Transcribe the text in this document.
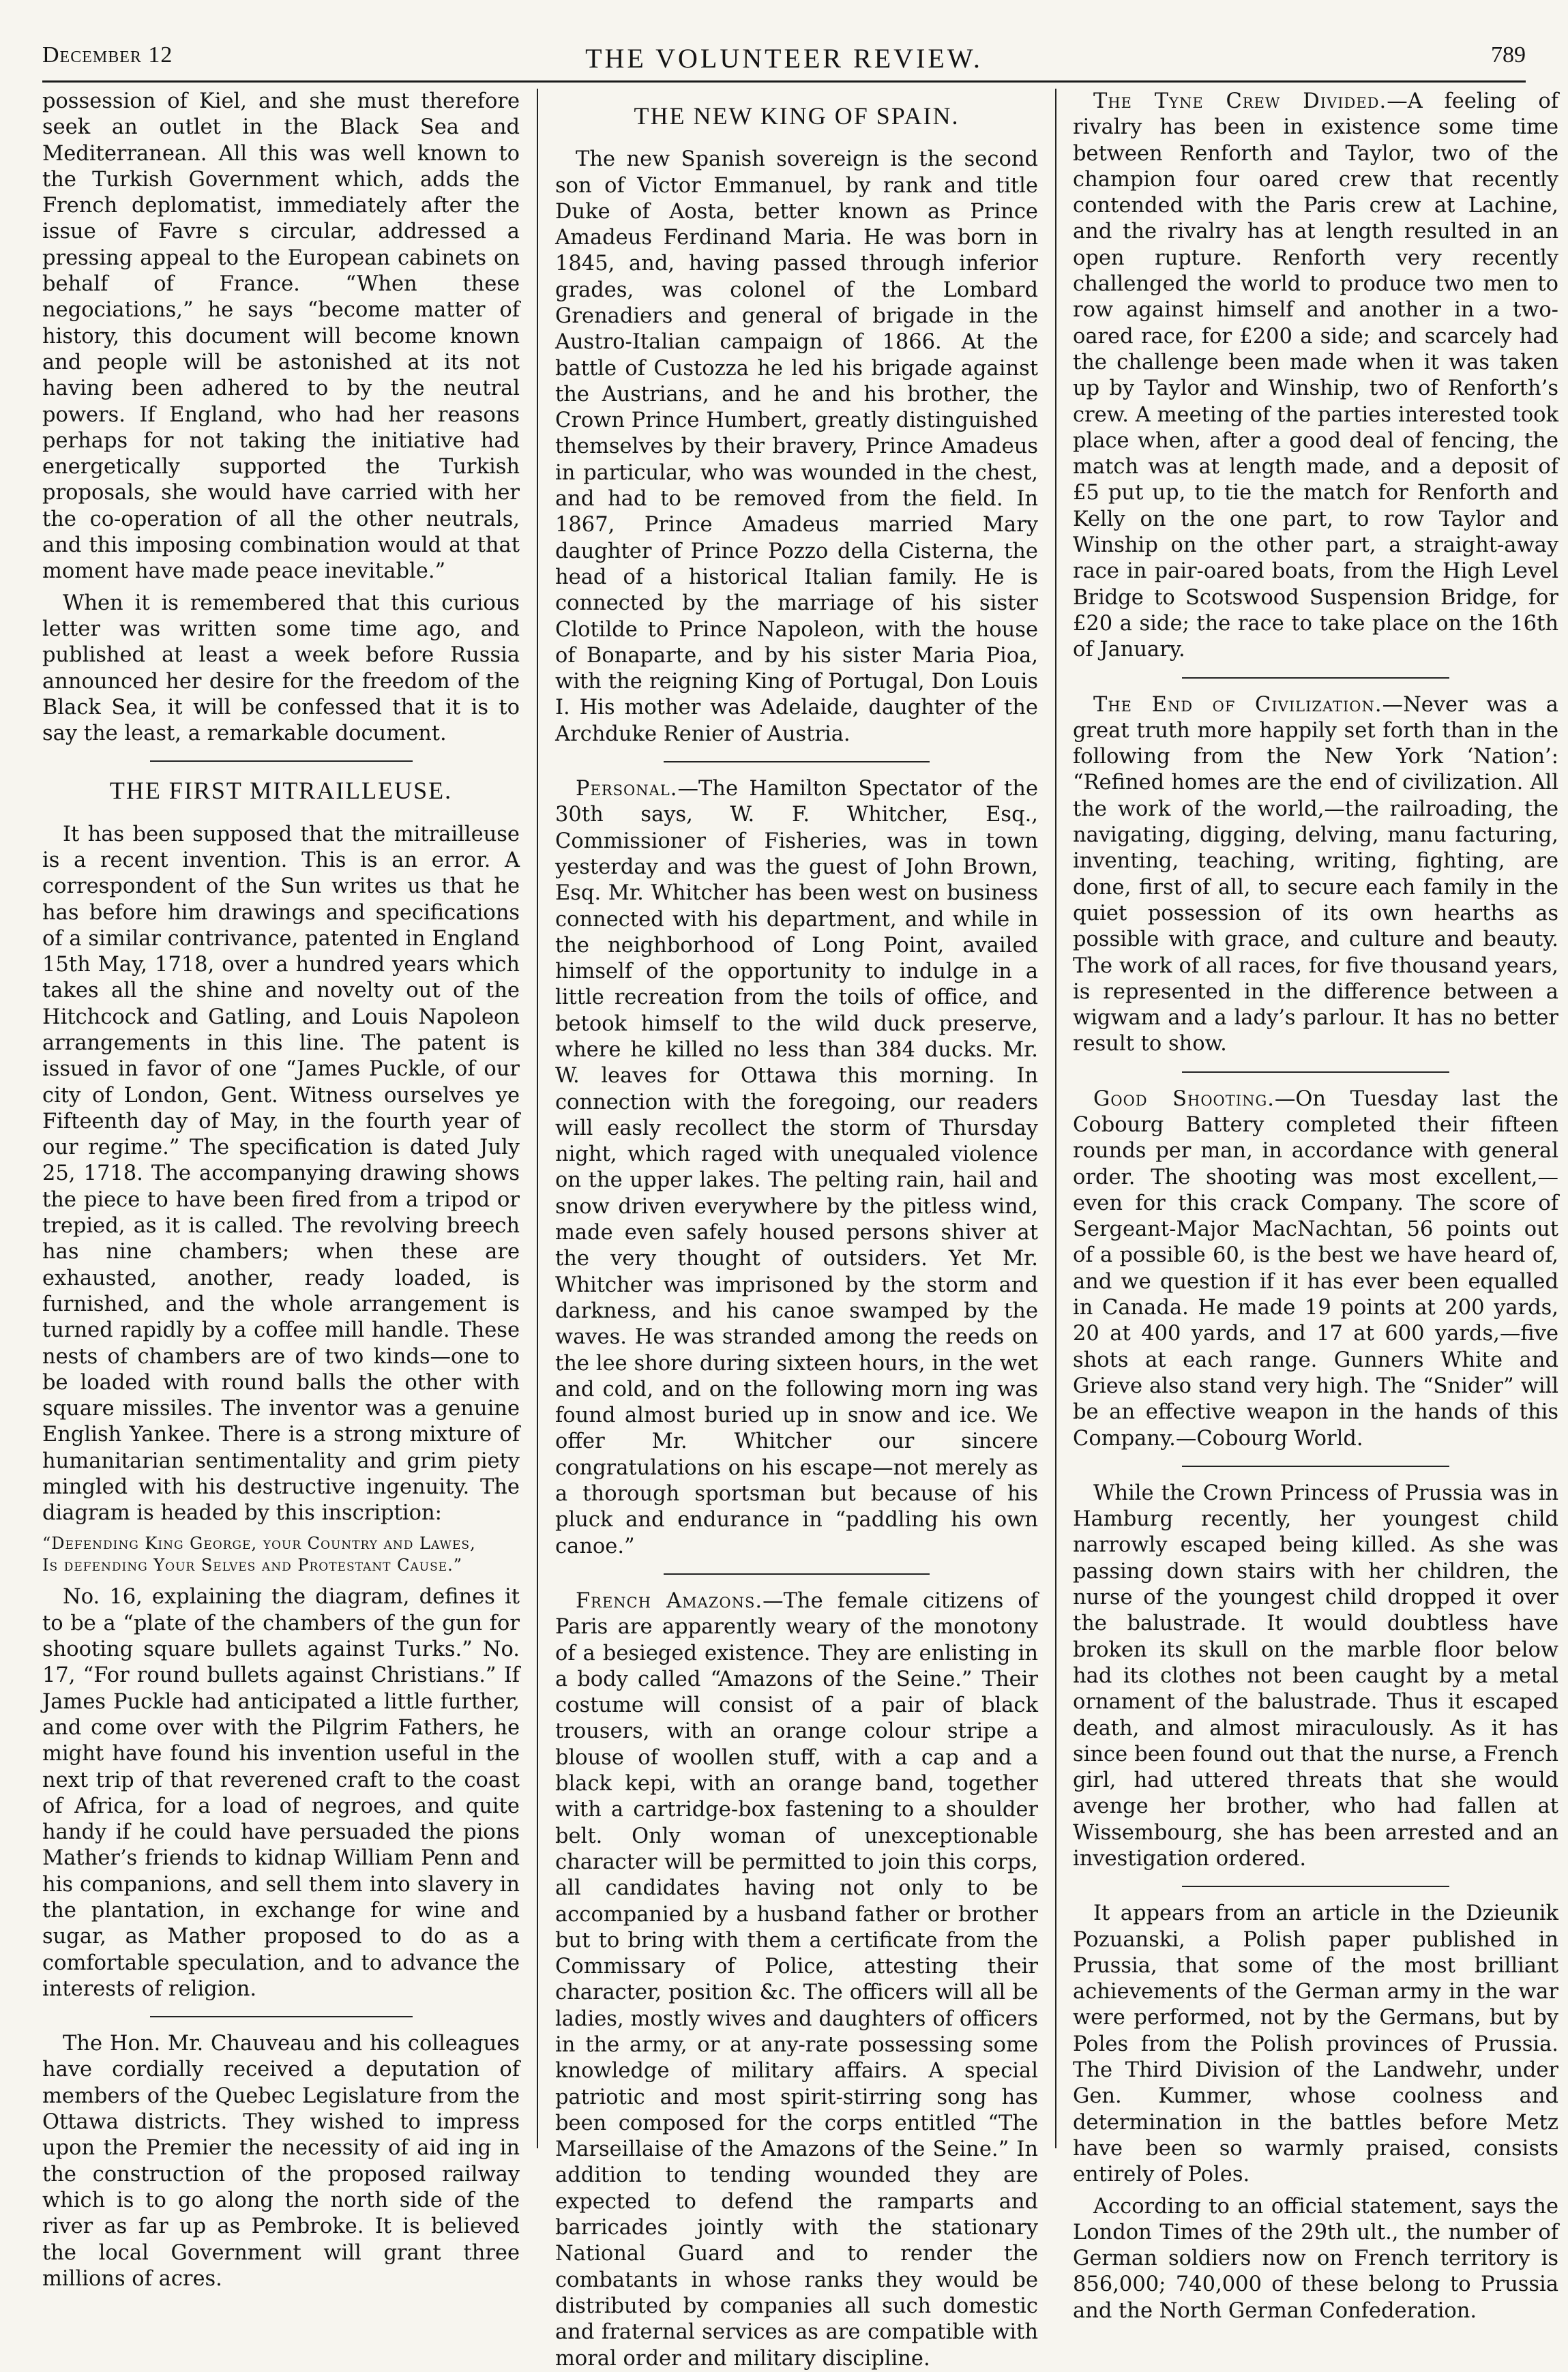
December 12	THE VOLUNTEER REVIEW.	789

possession of Kiel, and she must therefore seek an outlet in the Black Sea and Mediterranean. All this was well known to the Turkish Government which, adds the French deplomatist, immediately after the issue of Favre s circular, addressed a pressing appeal to the European cabinets on behalf of France. “When these negociations,” he says “become matter of history, this document will become known and people will be astonished at its not having been adhered to by the neutral powers. If England, who had her reasons perhaps for not taking the initiative had energetically supported the Turkish proposals, she would have carried with her the co-operation of all the other neutrals, and this imposing combination would at that moment have made peace inevitable.”

When it is remembered that this curious letter was written some time ago, and published at least a week before Russia announced her desire for the freedom of the Black Sea, it will be confessed that it is to say the least, a remarkable document.

THE FIRST MITRAILLEUSE.

It has been supposed that the mitrailleuse is a recent invention. This is an error. A correspondent of the Sun writes us that he has before him drawings and specifications of a similar contrivance, patented in England 15th May, 1718, over a hundred years which takes all the shine and novelty out of the Hitchcock and Gatling, and Louis Napoleon arrangements in this line. The patent is issued in favor of one “James Puckle, of our city of London, Gent. Witness ourselves ye Fifteenth day of May, in the fourth year of our regime.” The specification is dated July 25, 1718. The accompanying drawing shows the piece to have been fired from a tripod or trepied, as it is called. The revolving breech has nine chambers; when these are exhausted, another, ready loaded, is furnished, and the whole arrangement is turned rapidly by a coffee mill handle. These nests of chambers are of two kinds—one to be loaded with round balls the other with square missiles. The inventor was a genuine English Yankee. There is a strong mixture of humanitarian sentimentality and grim piety mingled with his destructive ingenuity. The diagram is headed by this inscription:

“Defending King George, your Country and Lawes,
Is defending Your Selves and Protestant Cause.”

No. 16, explaining the diagram, defines it to be a “plate of the chambers of the gun for shooting square bullets against Turks.” No. 17, “For round bullets against Christians.” If James Puckle had anticipated a little further, and come over with the Pilgrim Fathers, he might have found his invention useful in the next trip of that reverened craft to the coast of Africa, for a load of negroes, and quite handy if he could have persuaded the pions Mather’s friends to kidnap William Penn and his companions, and sell them into slavery in the plantation, in exchange for wine and sugar, as Mather proposed to do as a comfortable speculation, and to advance the interests of religion.

The Hon. Mr. Chauveau and his colleagues have cordially received a deputation of members of the Quebec Legislature from the Ottawa districts. They wished to impress upon the Premier the necessity of aid ing in the construction of the proposed railway which is to go along the north side of the river as far up as Pembroke. It is believed the local Government will grant three millions of acres.

THE NEW KING OF SPAIN.

The new Spanish sovereign is the second son of Victor Emmanuel, by rank and title Duke of Aosta, better known as Prince Amadeus Ferdinand Maria. He was born in 1845, and, having passed through inferior grades, was colonel of the Lombard Grenadiers and general of brigade in the Austro-Italian campaign of 1866. At the battle of Custozza he led his brigade against the Austrians, and he and his brother, the Crown Prince Humbert, greatly distinguished themselves by their bravery, Prince Amadeus in particular, who was wounded in the chest, and had to be removed from the field. In 1867, Prince Amadeus married Mary daughter of Prince Pozzo della Cisterna, the head of a historical Italian family. He is connected by the marriage of his sister Clotilde to Prince Napoleon, with the house of Bonaparte, and by his sister Maria Pioa, with the reigning King of Portugal, Don Louis I. His mother was Adelaide, daughter of the Archduke Renier of Austria.

Personal.—The Hamilton Spectator of the 30th says, W. F. Whitcher, Esq., Commissioner of Fisheries, was in town yesterday and was the guest of John Brown, Esq. Mr. Whitcher has been west on business connected with his department, and while in the neighborhood of Long Point, availed himself of the opportunity to indulge in a little recreation from the toils of office, and betook himself to the wild duck preserve, where he killed no less than 384 ducks. Mr. W. leaves for Ottawa this morning. In connection with the foregoing, our readers will easly recollect the storm of Thursday night, which raged with unequaled violence on the upper lakes. The pelting rain, hail and snow driven everywhere by the pitless wind, made even safely housed persons shiver at the very thought of outsiders. Yet Mr. Whitcher was imprisoned by the storm and darkness, and his canoe swamped by the waves. He was stranded among the reeds on the lee shore during sixteen hours, in the wet and cold, and on the following morn ing was found almost buried up in snow and ice. We offer Mr. Whitcher our sincere congratulations on his escape—not merely as a thorough sportsman but because of his pluck and endurance in “paddling his own canoe.”

French Amazons.—The female citizens of Paris are apparently weary of the monotony of a besieged existence. They are enlisting in a body called “Amazons of the Seine.” Their costume will consist of a pair of black trousers, with an orange colour stripe a blouse of woollen stuff, with a cap and a black kepi, with an orange band, together with a cartridge-box fastening to a shoulder belt. Only woman of unexceptionable character will be permitted to join this corps, all candidates having not only to be accompanied by a husband father or brother but to bring with them a certificate from the Commissary of Police, attesting their character, position &c. The officers will all be ladies, mostly wives and daughters of officers in the army, or at any-rate possessing some knowledge of military affairs. A special patriotic and most spirit-stirring song has been composed for the corps entitled “The Marseillaise of the Amazons of the Seine.” In addition to tending wounded they are expected to defend the ramparts and barricades jointly with the stationary National Guard and to render the combatants in whose ranks they would be distributed by companies all such domestic and fraternal services as are compatible with moral order and military discipline.

The Tyne Crew Divided.—A feeling of rivalry has been in existence some time between Renforth and Taylor, two of the champion four oared crew that recently contended with the Paris crew at Lachine, and the rivalry has at length resulted in an open rupture. Renforth very recently challenged the world to produce two men to row against himself and another in a two-oared race, for £200 a side; and scarcely had the challenge been made when it was taken up by Taylor and Winship, two of Renforth’s crew. A meeting of the parties interested took place when, after a good deal of fencing, the match was at length made, and a deposit of £5 put up, to tie the match for Renforth and Kelly on the one part, to row Taylor and Winship on the other part, a straight-away race in pair-oared boats, from the High Level Bridge to Scotswood Suspension Bridge, for £20 a side; the race to take place on the 16th of January.

The End of Civilization.—Never was a great truth more happily set forth than in the following from the New York ‘Nation’: “Refined homes are the end of civilization. All the work of the world,—the railroading, the navigating, digging, delving, manu facturing, inventing, teaching, writing, fighting, are done, first of all, to secure each family in the quiet possession of its own hearths as possible with grace, and culture and beauty. The work of all races, for five thousand years, is represented in the difference between a wigwam and a lady’s parlour. It has no better result to show.

Good Shooting.—On Tuesday last the Cobourg Battery completed their fifteen rounds per man, in accordance with general order. The shooting was most excellent,—even for this crack Company. The score of Sergeant-Major MacNachtan, 56 points out of a possible 60, is the best we have heard of, and we question if it has ever been equalled in Canada. He made 19 points at 200 yards, 20 at 400 yards, and 17 at 600 yards,—five shots at each range. Gunners White and Grieve also stand very high. The “Snider” will be an effective weapon in the hands of this Company.—Cobourg World.

While the Crown Princess of Prussia was in Hamburg recently, her youngest child narrowly escaped being killed. As she was passing down stairs with her children, the nurse of the youngest child dropped it over the balustrade. It would doubtless have broken its skull on the marble floor below had its clothes not been caught by a metal ornament of the balustrade. Thus it escaped death, and almost miraculously. As it has since been found out that the nurse, a French girl, had uttered threats that she would avenge her brother, who had fallen at Wissembourg, she has been arrested and an investigation ordered.

It appears from an article in the Dzieunik Pozuanski, a Polish paper published in Prussia, that some of the most brilliant achievements of the German army in the war were performed, not by the Germans, but by Poles from the Polish provinces of Prussia. The Third Division of the Landwehr, under Gen. Kummer, whose coolness and determination in the battles before Metz have been so warmly praised, consists entirely of Poles.

According to an official statement, says the London Times of the 29th ult., the number of German soldiers now on French territory is 856,000; 740,000 of these belong to Prussia and the North German Confederation.
